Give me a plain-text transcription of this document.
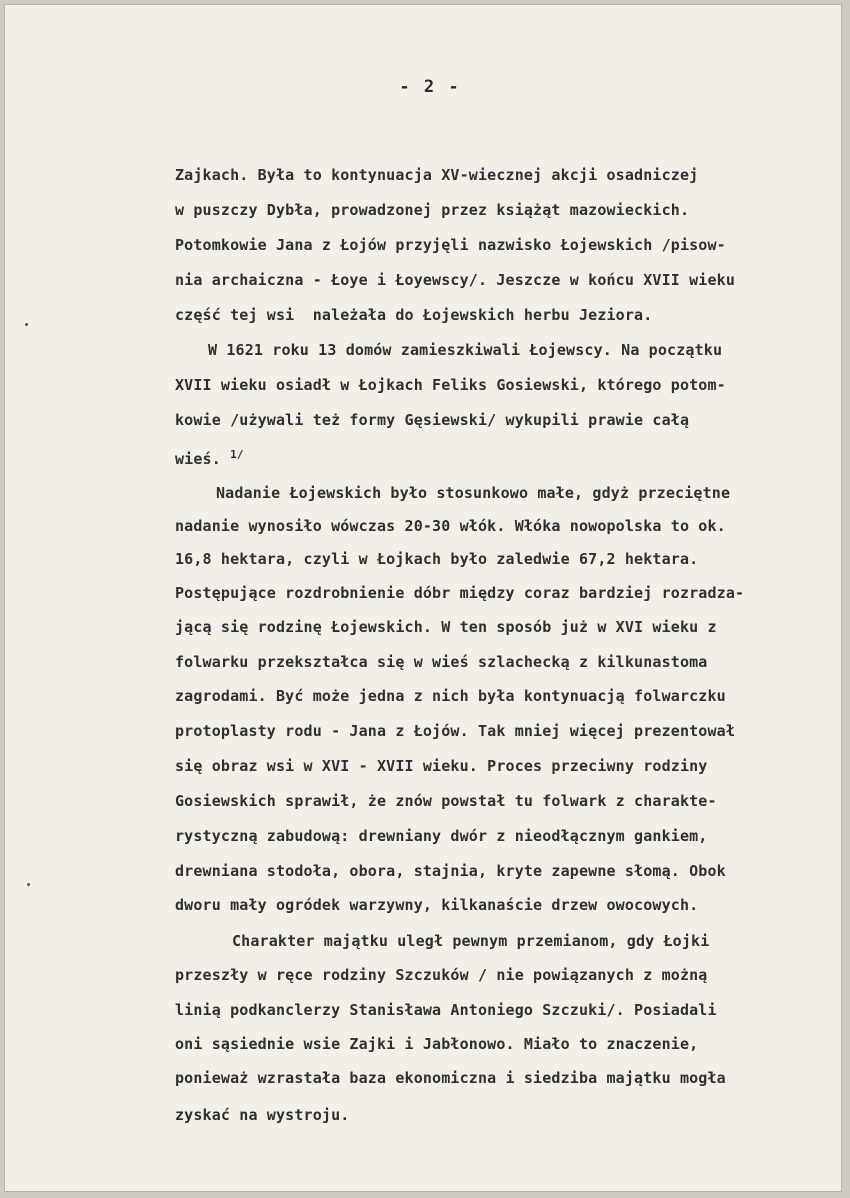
- 2 -
Zajkach. Była to kontynuacja XV-wiecznej akcji osadniczej
w puszczy Dybła, prowadzonej przez książąt mazowieckich.
Potomkowie Jana z Łojów przyjęli nazwisko Łojewskich /pisow-
nia archaiczna - Łoye i Łoyewscy/. Jeszcze w końcu XVII wieku
część tej wsi  należała do Łojewskich herbu Jeziora.
W 1621 roku 13 domów zamieszkiwali Łojewscy. Na początku
XVII wieku osiadł w Łojkach Feliks Gosiewski, którego potom-
kowie /używali też formy Gęsiewski/ wykupili prawie całą
wieś. $^{1/}$
Nadanie Łojewskich było stosunkowo małe, gdyż przeciętne
nadanie wynosiło wówczas 20-30 włók. Włóka nowopolska to ok.
16,8 hektara, czyli w Łojkach było zaledwie 67,2 hektara.
Postępujące rozdrobnienie dóbr między coraz bardziej rozradza-
jącą się rodzinę Łojewskich. W ten sposób już w XVI wieku z
folwarku przekształca się w wieś szlachecką z kilkunastoma
zagrodami. Być może jedna z nich była kontynuacją folwarczku
protoplasty rodu - Jana z Łojów. Tak mniej więcej prezentował
się obraz wsi w XVI - XVII wieku. Proces przeciwny rodziny
Gosiewskich sprawił, że znów powstał tu folwark z charakte-
rystyczną zabudową: drewniany dwór z nieodłącznym gankiem,
drewniana stodoła, obora, stajnia, kryte zapewne słomą. Obok
dworu mały ogródek warzywny, kilkanaście drzew owocowych.
Charakter majątku uległ pewnym przemianom, gdy Łojki
przeszły w ręce rodziny Szczuków / nie powiązanych z możną
linią podkanclerzy Stanisława Antoniego Szczuki/. Posiadali
oni sąsiednie wsie Zajki i Jabłonowo. Miało to znaczenie,
ponieważ wzrastała baza ekonomiczna i siedziba majątku mogła
zyskać na wystroju.
